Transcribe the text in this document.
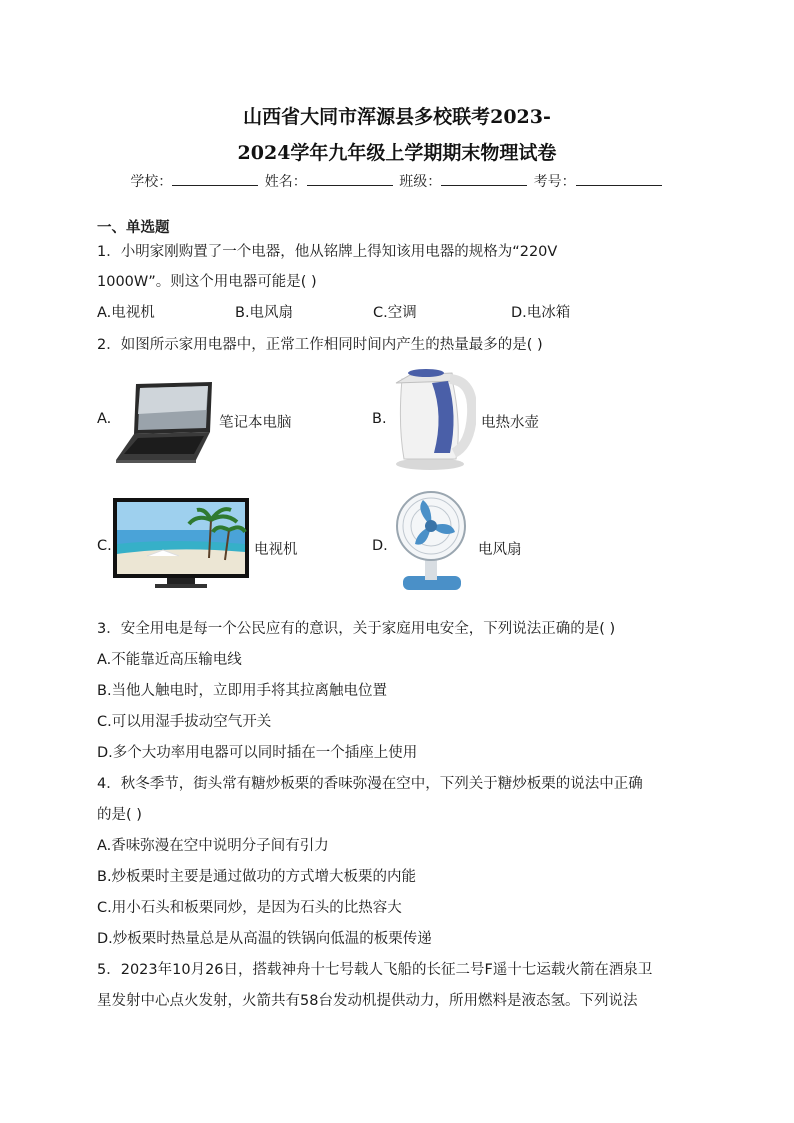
山西省大同市浑源县多校联考2023-
2024学年九年级上学期期末物理试卷
学校：	姓名：	班级：	考号：
一、单选题
1．小明家刚购置了一个电器，他从铭牌上得知该用电器的规格为“220V
1000W”。则这个用电器可能是( )
A.电视机	B.电风扇	C.空调	D.电冰箱
2．如图所示家用电器中，正常工作相同时间内产生的热量最多的是( )
A.	笔记本电脑	B.	电热水壶
C.	电视机	D.	电风扇
3．安全用电是每一个公民应有的意识，关于家庭用电安全，下列说法正确的是( )
A.不能靠近高压输电线
B.当他人触电时，立即用手将其拉离触电位置
C.可以用湿手拔动空气开关
D.多个大功率用电器可以同时插在一个插座上使用
4．秋冬季节，街头常有糖炒板栗的香味弥漫在空中，下列关于糖炒板栗的说法中正确
的是( )
A.香味弥漫在空中说明分子间有引力
B.炒板栗时主要是通过做功的方式增大板栗的内能
C.用小石头和板栗同炒，是因为石头的比热容大
D.炒板栗时热量总是从高温的铁锅向低温的板栗传递
5．2023年10月26日，搭载神舟十七号载人飞船的长征二号F遥十七运载火箭在酒泉卫
星发射中心点火发射，火箭共有58台发动机提供动力，所用燃料是液态氢。下列说法
